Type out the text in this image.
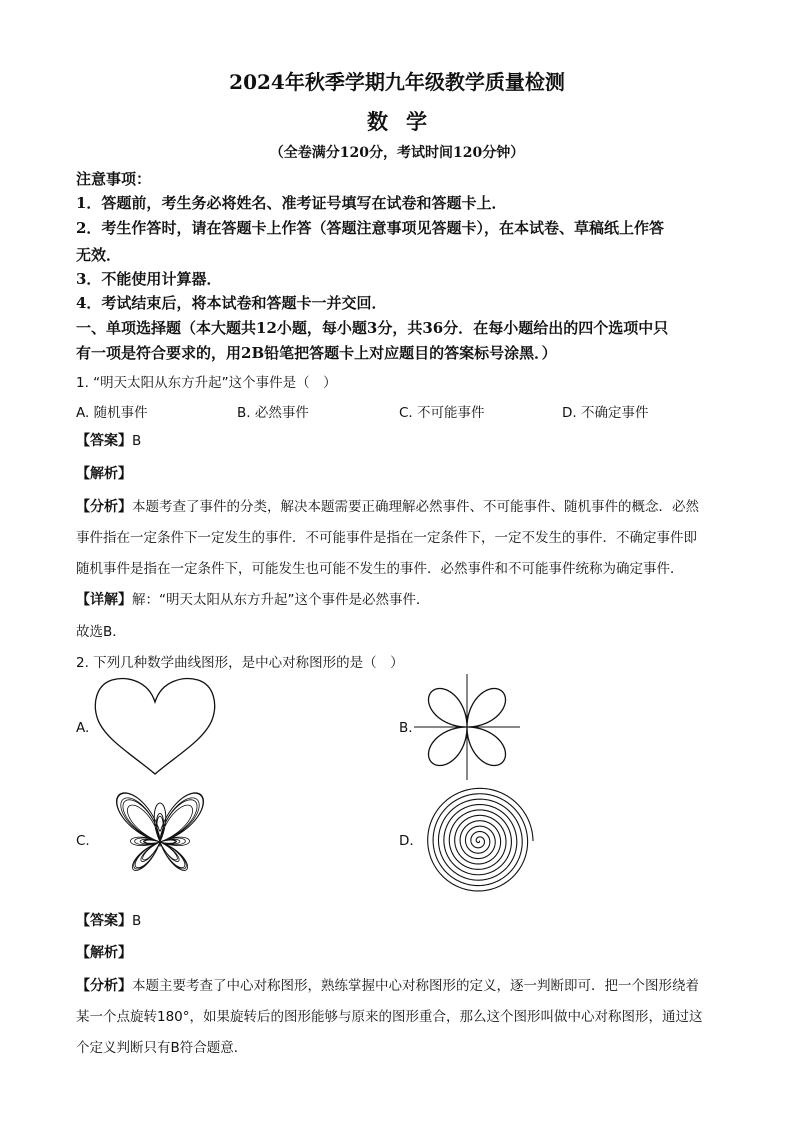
2024年秋季学期九年级教学质量检测
数学
（全卷满分120分，考试时间120分钟）
注意事项：
1．答题前，考生务必将姓名、准考证号填写在试卷和答题卡上．
2．考生作答时，请在答题卡上作答（答题注意事项见答题卡），在本试卷、草稿纸上作答
无效．
3．不能使用计算器．
4．考试结束后，将本试卷和答题卡一并交回．
一、单项选择题（本大题共12小题，每小题3分，共36分．在每小题给出的四个选项中只
有一项是符合要求的，用2B铅笔把答题卡上对应题目的答案标号涂黑．）
1. “明天太阳从东方升起”这个事件是（　）
A. 随机事件	B. 必然事件	C. 不可能事件	D. 不确定事件
【答案】B
【解析】
【分析】本题考查了事件的分类，解决本题需要正确理解必然事件、不可能事件、随机事件的概念．必然
事件指在一定条件下一定发生的事件．不可能事件是指在一定条件下，一定不发生的事件．不确定事件即
随机事件是指在一定条件下，可能发生也可能不发生的事件．必然事件和不可能事件统称为确定事件．
【详解】解：“明天太阳从东方升起”这个事件是必然事件．
故选B．
2. 下列几种数学曲线图形，是中心对称图形的是（　）
A.	B.
C.	D.
【答案】B
【解析】
【分析】本题主要考查了中心对称图形，熟练掌握中心对称图形的定义，逐一判断即可．把一个图形绕着
某一个点旋转180°，如果旋转后的图形能够与原来的图形重合，那么这个图形叫做中心对称图形，通过这
个定义判断只有B符合题意．
